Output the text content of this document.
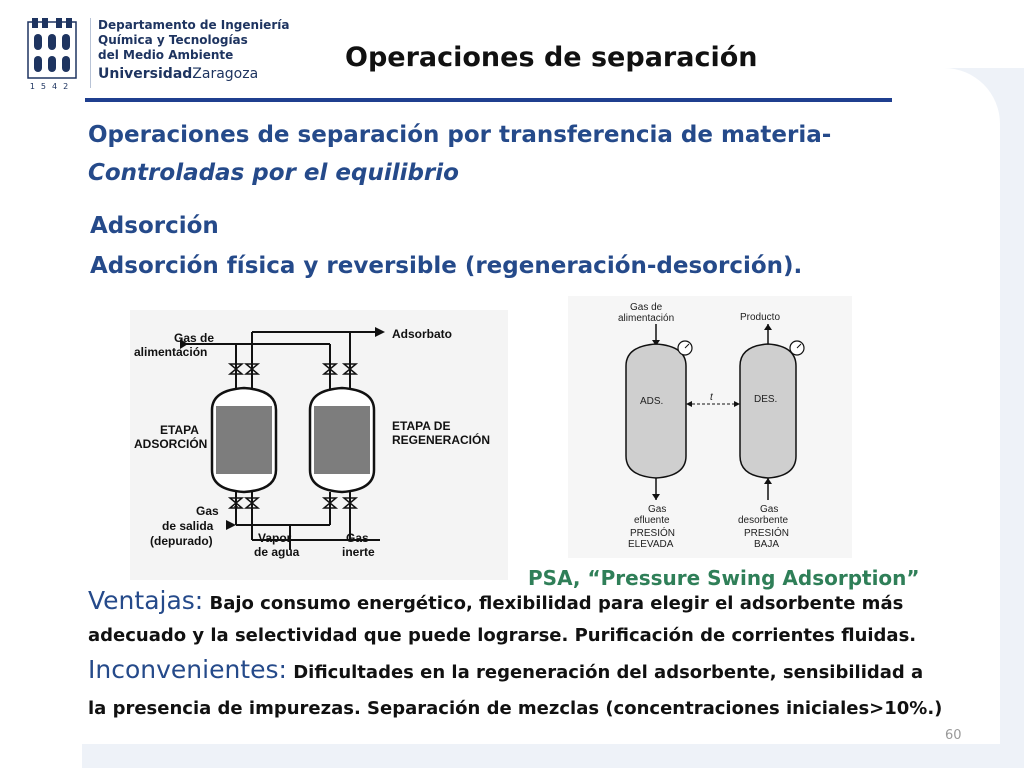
1542
Departamento de Ingeniería
Química y Tecnologías
del Medio Ambiente
UniversidadZaragoza
Operaciones de separación
Operaciones de separación por transferencia de materia-
Controladas por el equilibrio
Adsorción
Adsorción física y reversible (regeneración-desorción).
Gas de
alimentación
Adsorbato
ETAPA
ADSORCIÓN
ETAPA DE
REGENERACIÓN
Gas
de salida
(depurado)	Vapor
de agua
Gas
inerte
Gas de
alimentación	Producto
ADS.	DES.
t
Gas
efluente
PRESIÓN
ELEVADA
Gas
desorbente
PRESIÓN
BAJA
PSA, “Pressure Swing Adsorption”
Ventajas: Bajo consumo energético, flexibilidad para elegir el adsorbente más
adecuado y la selectividad que puede lograrse. Purificación de corrientes fluidas.
Inconvenientes: Dificultades en la regeneración del adsorbente, sensibilidad a
la presencia de impurezas. Separación de mezclas (concentraciones iniciales>10%.)
60
